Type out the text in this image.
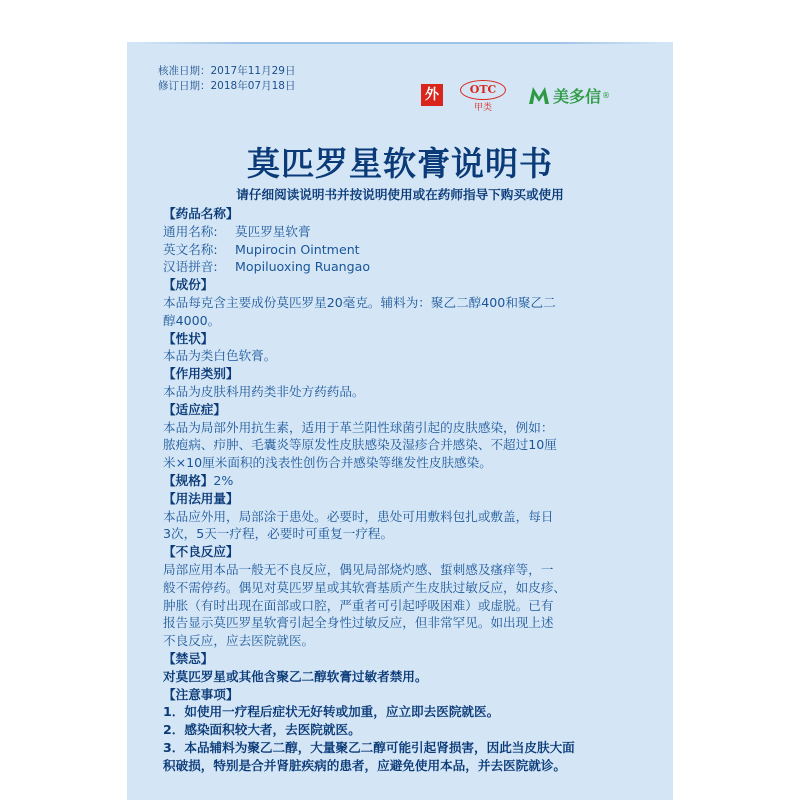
核准日期：2017年11月29日
修订日期：2018年07月18日
外	OTC
甲类
美多信 ®
莫匹罗星软膏说明书
请仔细阅读说明书并按说明使用或在药师指导下购买或使用

【药品名称】

通用名称: 莫匹罗星软膏

英文名称: Mupirocin Ointment

汉语拼音: Mopiluoxing Ruangao

【成份】

本品每克含主要成份莫匹罗星20毫克。辅料为：聚乙二醇400和聚乙二

醇4000。

【性状】

本品为类白色软膏。

【作用类别】

本品为皮肤科用药类非处方药药品。

【适应症】

本品为局部外用抗生素，适用于革兰阳性球菌引起的皮肤感染，例如：

脓疱病、疖肿、毛囊炎等原发性皮肤感染及湿疹合并感染、不超过10厘

米×10厘米面积的浅表性创伤合并感染等继发性皮肤感染。

【规格】2%

【用法用量】

本品应外用，局部涂于患处。必要时，患处可用敷料包扎或敷盖，每日

3次，5天一疗程，必要时可重复一疗程。

【不良反应】

局部应用本品一般无不良反应，偶见局部烧灼感、蜇刺感及瘙痒等，一

般不需停药。偶见对莫匹罗星或其软膏基质产生皮肤过敏反应，如皮疹、

肿胀（有时出现在面部或口腔，严重者可引起呼吸困难）或虚脱。已有

报告显示莫匹罗星软膏引起全身性过敏反应，但非常罕见。如出现上述

不良反应，应去医院就医。

【禁忌】

对莫匹罗星或其他含聚乙二醇软膏过敏者禁用。

【注意事项】

1．如使用一疗程后症状无好转或加重，应立即去医院就医。

2．感染面积较大者，去医院就医。

3．本品辅料为聚乙二醇，大量聚乙二醇可能引起肾损害，因此当皮肤大面

积破损，特别是合并肾脏疾病的患者，应避免使用本品，并去医院就诊。
